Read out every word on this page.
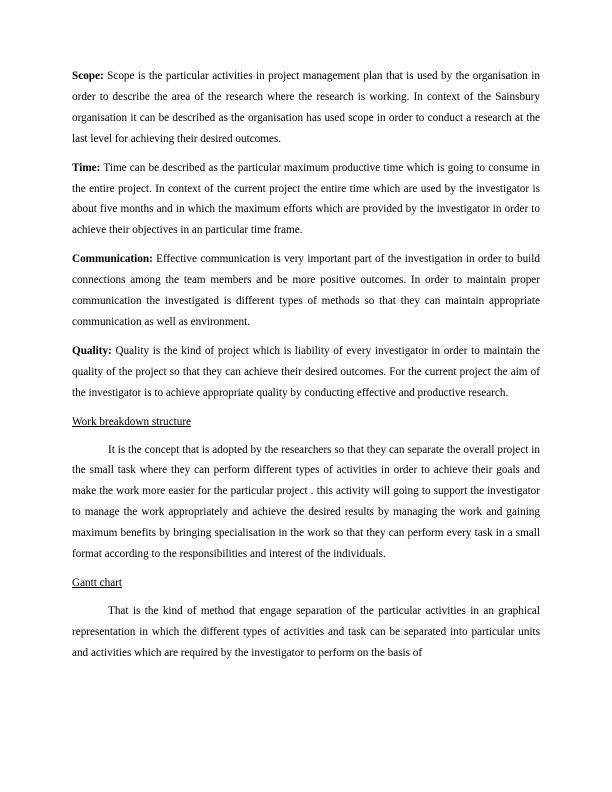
Scope: Scope is the particular activities in project management plan that is used by the organisation in order to describe the area of the research where the research is working. In context of the Sainsbury organisation it can be described as the organisation has used scope in order to conduct a research at the last level for achieving their desired outcomes.

Time: Time can be described as the particular maximum productive time which is going to consume in the entire project. In context of the current project the entire time which are used by the investigator is about five months and in which the maximum efforts which are provided by the investigator in order to achieve their objectives in an particular time frame.

Communication: Effective communication is very important part of the investigation in order to build connections among the team members and be more positive outcomes. In order to maintain proper communication the investigated is different types of methods so that they can maintain appropriate communication as well as environment.

Quality: Quality is the kind of project which is liability of every investigator in order to maintain the quality of the project so that they can achieve their desired outcomes. For the current project the aim of the investigator is to achieve appropriate quality by conducting effective and productive research.

Work breakdown structure

It is the concept that is adopted by the researchers so that they can separate the overall project in the small task where they can perform different types of activities in order to achieve their goals and make the work more easier for the particular project . this activity will going to support the investigator to manage the work appropriately and achieve the desired results by managing the work and gaining maximum benefits by bringing specialisation in the work so that they can perform every task in a small format according to the responsibilities and interest of the individuals.

Gantt chart

That is the kind of method that engage separation of the particular activities in an graphical representation in which the different types of activities and task can be separated into particular units and activities which are required by the investigator to perform on the basis of
